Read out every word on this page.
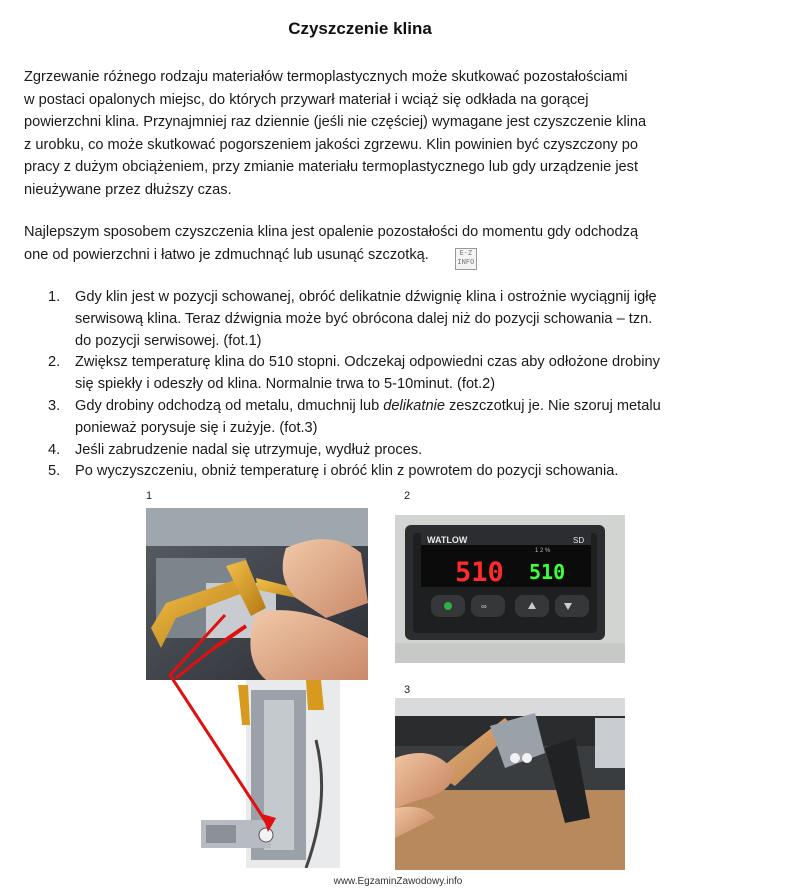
Czyszczenie klina

Zgrzewanie różnego rodzaju materiałów termoplastycznych może skutkować pozostałościami
w postaci opalonych miejsc, do których przywarł materiał i wciąż się odkłada na gorącej
powierzchni klina. Przynajmniej raz dziennie (jeśli nie częściej) wymagane jest czyszczenie klina
z urobku, co może skutkować pogorszeniem jakości zgrzewu. Klin powinien być czyszczony po
pracy z dużym obciążeniem, przy zmianie materiału termoplastycznego lub gdy urządzenie jest
nieużywane przez dłuższy czas.

Najlepszym sposobem czyszczenia klina jest opalenie pozostałości do momentu gdy odchodzą
one od powierzchni i łatwo je zdmuchnąć lub usunąć szczotką.	E-Z
INFO

1. Gdy klin jest w pozycji schowanej, obróć delikatnie dźwignię klina i ostrożnie wyciągnij igłę
serwisową klina. Teraz dźwignia może być obrócona dalej niż do pozycji schowania – tzn.
do pozycji serwisowej. (fot.1)
2. Zwiększ temperaturę klina do 510 stopni. Odczekaj odpowiedni czas aby odłożone drobiny
się spiekły i odeszły od klina. Normalnie trwa to 5-10minut. (fot.2)
3. Gdy drobiny odchodzą od metalu, dmuchnij lub delikatnie zeszczotkuj je. Nie szoruj metalu
ponieważ porysuje się i zużyje. (fot.3)
4. Jeśli zabrudzenie nadal się utrzymuje, wydłuż proces.
5. Po wyczyszczeniu, obniż temperaturę i obróć klin z powrotem do pozycji schowania.
1	2
3
WATLOW	SD
1 2 %
510 510
∞
www.EgzaminZawodowy.info
